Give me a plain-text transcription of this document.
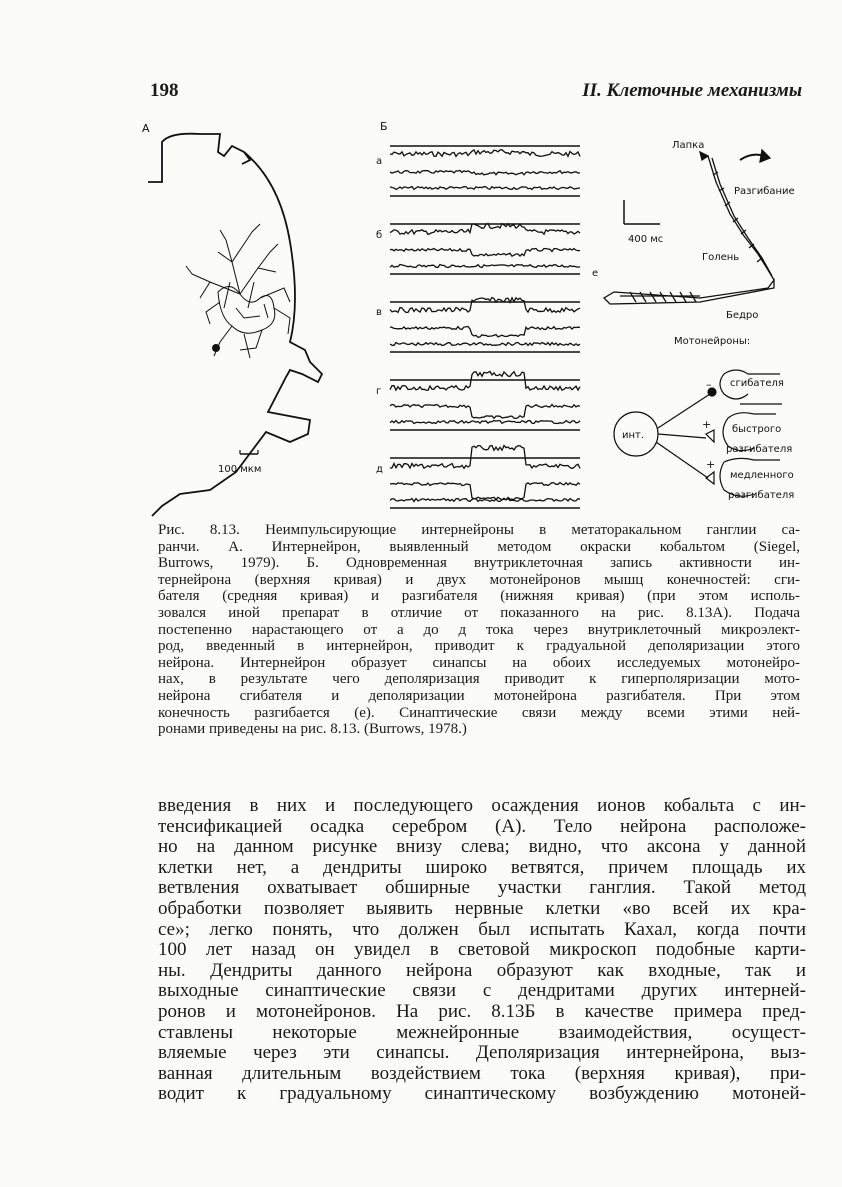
198	II. Клеточные механизмы
А
100 мкм
Б
а
б
в
г
д
400 мс
Лапка
Разгибание
Голень
Бедро
е
Мотонейроны:
инт.
сгибателя
быстрого
разгибателя
медленного
разгибателя
–
+
+
Рис. 8.13. Неимпульсирующие интернейроны в метаторакальном ганглии са-
ранчи. А. Интернейрон, выявленный методом окраски кобальтом (Siegel,
Burrows, 1979). Б. Одновременная внутриклеточная запись активности ин-
тернейрона (верхняя кривая) и двух мотонейронов мышц конечностей: сги-
бателя (средняя кривая) и разгибателя (нижняя кривая) (при этом исполь-
зовался иной препарат в отличие от показанного на рис. 8.13А). Подача
постепенно нарастающего от а до д тока через внутриклеточный микроэлект-
род, введенный в интернейрон, приводит к градуальной деполяризации этого
нейрона. Интернейрон образует синапсы на обоих исследуемых мотонейро-
нах, в результате чего деполяризация приводит к гиперполяризации мото-
нейрона сгибателя и деполяризации мотонейрона разгибателя. При этом
конечность разгибается (е). Синаптические связи между всеми этими ней-
ронами приведены на рис. 8.13. (Burrows, 1978.)
введения в них и последующего осаждения ионов кобальта с ин-
тенсификацией осадка серебром (А). Тело нейрона расположе-
но на данном рисунке внизу слева; видно, что аксона у данной
клетки нет, а дендриты широко ветвятся, причем площадь их
ветвления охватывает обширные участки ганглия. Такой метод
обработки позволяет выявить нервные клетки «во всей их кра-
се»; легко понять, что должен был испытать Кахал, когда почти
100 лет назад он увидел в световой микроскоп подобные карти-
ны. Дендриты данного нейрона образуют как входные, так и
выходные синаптические связи с дендритами других интерней-
ронов и мотонейронов. На рис. 8.13Б в качестве примера пред-
ставлены некоторые межнейронные взаимодействия, осущест-
вляемые через эти синапсы. Деполяризация интернейрона, выз-
ванная длительным воздействием тока (верхняя кривая), при-
водит к градуальному синаптическому возбуждению мотоней-
